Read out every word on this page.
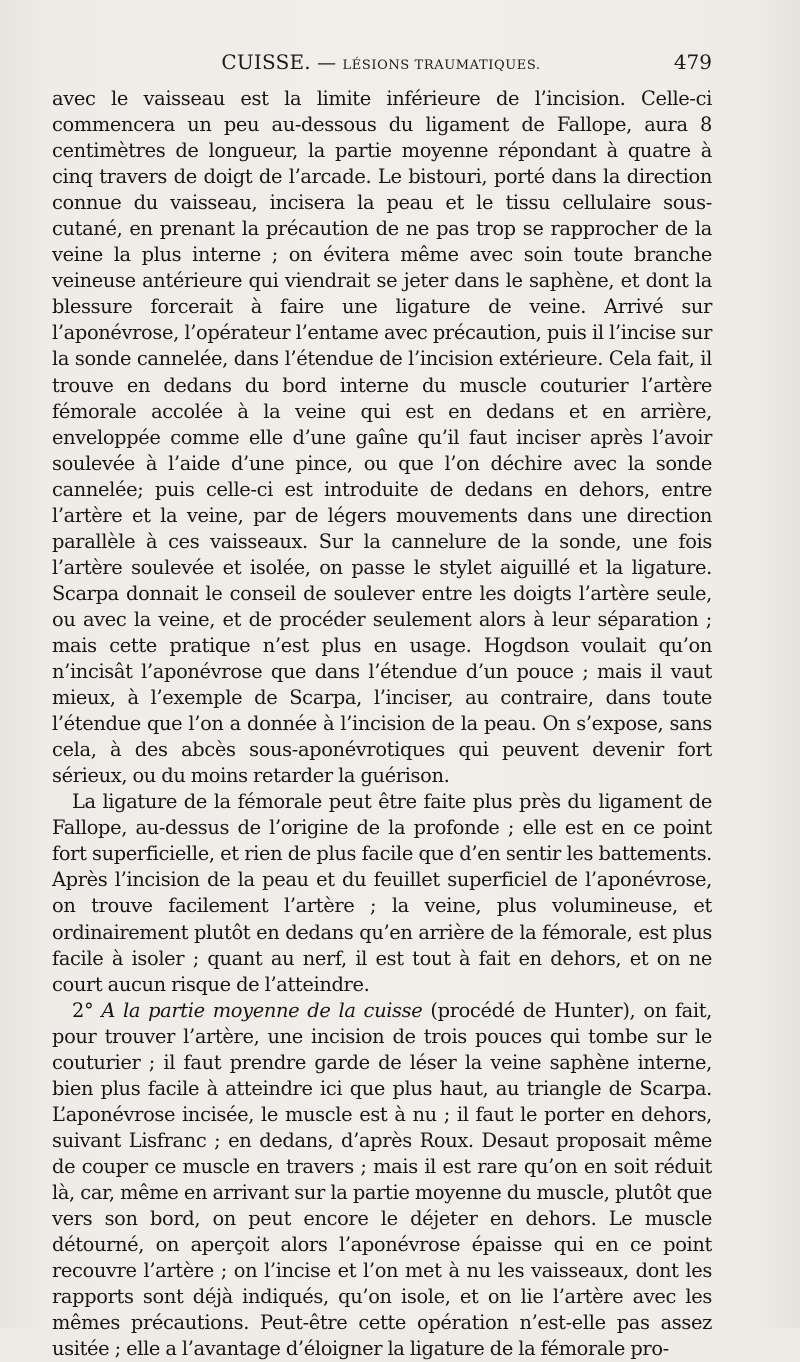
CUISSE. — LÉSIONS TRAUMATIQUES.	479

avec le vaisseau est la limite inférieure de l’incision. Celle-ci commencera un peu au-dessous du ligament de Fallope, aura 8 centimètres de longueur, la partie moyenne répondant à quatre à cinq travers de doigt de l’arcade. Le bistouri, porté dans la direction connue du vaisseau, incisera la peau et le tissu cellulaire sous-cutané, en prenant la précaution de ne pas trop se rapprocher de la veine la plus interne ; on évitera même avec soin toute branche veineuse antérieure qui viendrait se jeter dans le saphène, et dont la blessure forcerait à faire une ligature de veine. Arrivé sur l’aponévrose, l’opérateur l’entame avec précaution, puis il l’incise sur la sonde cannelée, dans l’étendue de l’incision extérieure. Cela fait, il trouve en dedans du bord interne du muscle couturier l’artère fémorale accolée à la veine qui est en dedans et en arrière, enveloppée comme elle d’une gaîne qu’il faut inciser après l’avoir soulevée à l’aide d’une pince, ou que l’on déchire avec la sonde cannelée; puis celle-ci est introduite de dedans en dehors, entre l’artère et la veine, par de légers mouvements dans une direction parallèle à ces vaisseaux. Sur la cannelure de la sonde, une fois l’artère soulevée et isolée, on passe le stylet aiguillé et la ligature. Scarpa donnait le conseil de soulever entre les doigts l’artère seule, ou avec la veine, et de procéder seulement alors à leur séparation ; mais cette pratique n’est plus en usage. Hogdson voulait qu’on n’incisât l’aponévrose que dans l’étendue d’un pouce ; mais il vaut mieux, à l’exemple de Scarpa, l’inciser, au contraire, dans toute l’étendue que l’on a donnée à l’incision de la peau. On s’expose, sans cela, à des abcès sous-aponévrotiques qui peuvent devenir fort sérieux, ou du moins retarder la guérison.

La ligature de la fémorale peut être faite plus près du ligament de Fallope, au-dessus de l’origine de la profonde ; elle est en ce point fort superficielle, et rien de plus facile que d’en sentir les battements. Après l’incision de la peau et du feuillet superficiel de l’aponévrose, on trouve facilement l’artère ; la veine, plus volumineuse, et ordinairement plutôt en dedans qu’en arrière de la fémorale, est plus facile à isoler ; quant au nerf, il est tout à fait en dehors, et on ne court aucun risque de l’atteindre.

2° A la partie moyenne de la cuisse (procédé de Hunter), on fait, pour trouver l’artère, une incision de trois pouces qui tombe sur le couturier ; il faut prendre garde de léser la veine saphène interne, bien plus facile à atteindre ici que plus haut, au triangle de Scarpa. L’aponévrose incisée, le muscle est à nu ; il faut le porter en dehors, suivant Lisfranc ; en dedans, d’après Roux. Desaut proposait même de couper ce muscle en travers ; mais il est rare qu’on en soit réduit là, car, même en arrivant sur la partie moyenne du muscle, plutôt que vers son bord, on peut encore le déjeter en dehors. Le muscle détourné, on aperçoit alors l’aponévrose épaisse qui en ce point recouvre l’artère ; on l’incise et l’on met à nu les vaisseaux, dont les rapports sont déjà indiqués, qu’on isole, et on lie l’artère avec les mêmes précautions. Peut-être cette opération n’est-elle pas assez usitée ; elle a l’avantage d’éloigner la ligature de la fémorale pro-
